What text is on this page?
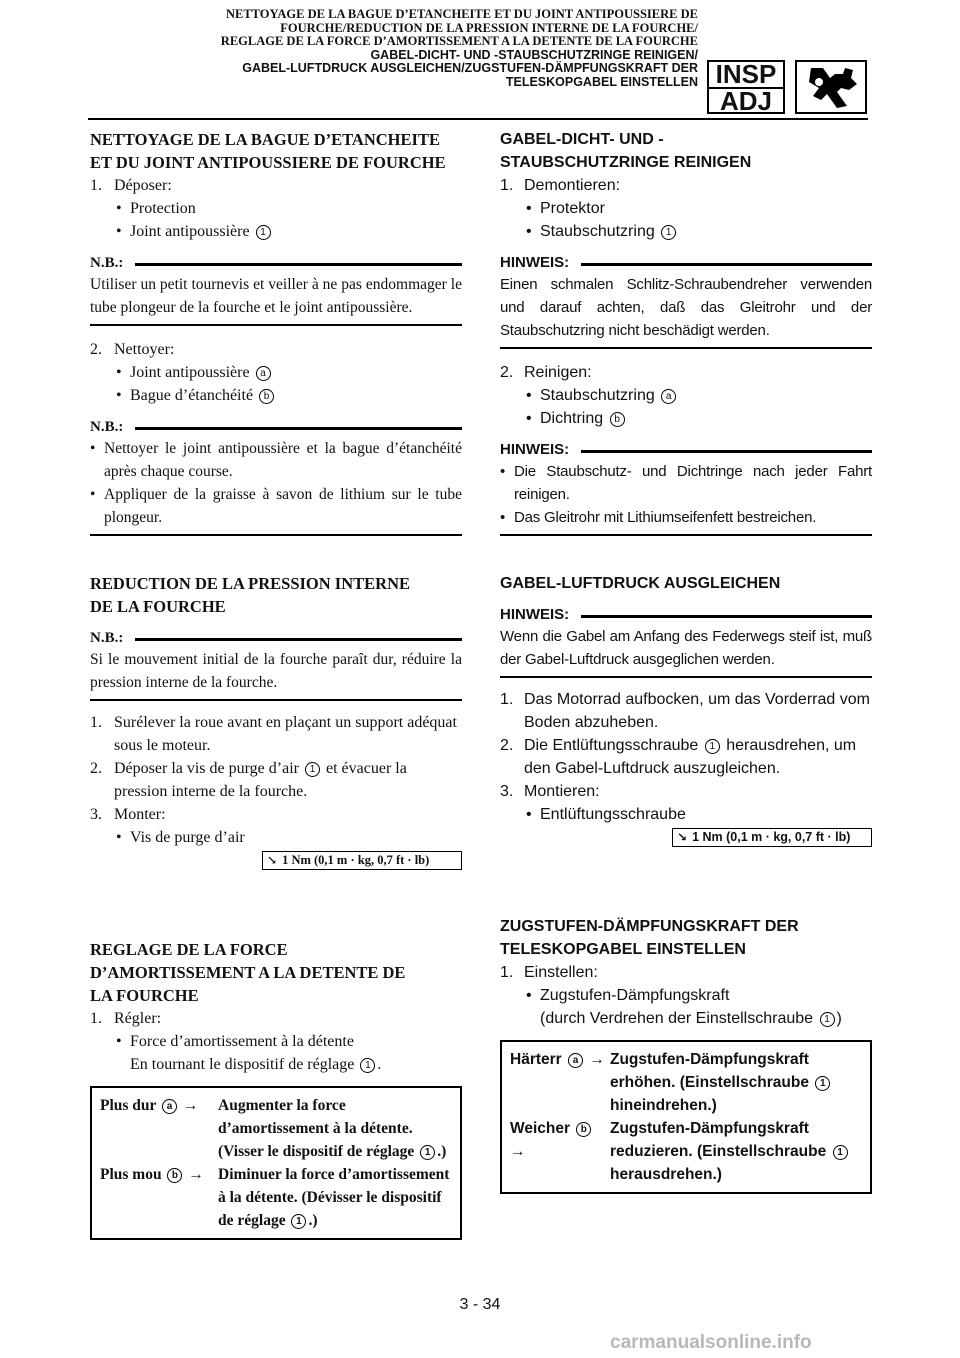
NETTOYAGE DE LA BAGUE D’ETANCHEITE ET DU JOINT ANTIPOUSSIERE DE
FOURCHE/REDUCTION DE LA PRESSION INTERNE DE LA FOURCHE/
REGLAGE DE LA FORCE D’AMORTISSEMENT A LA DETENTE DE LA FOURCHE
GABEL-DICHT- UND -STAUBSCHUTZRINGE REINIGEN/
GABEL-LUFTDRUCK AUSGLEICHEN/ZUGSTUFEN-DÄMPFUNGSKRAFT DER
TELESKOPGABEL EINSTELLEN INSP
ADJ

NETTOYAGE DE LA BAGUE D’ETANCHEITE

ET DU JOINT ANTIPOUSSIERE DE FOURCHE

1. Déposer:
• Protection
• Joint antipoussière 1
N.B.:
Utiliser un petit tournevis et veiller à ne pas endommager le tube plongeur de la fourche et le joint antipoussière.
2. Nettoyer:
• Joint antipoussière a
• Bague d’étanchéité b
N.B.:
• Nettoyer le joint antipoussière et la bague d’étanchéité après chaque course.
• Appliquer de la graisse à savon de lithium sur le tube plongeur.

REDUCTION DE LA PRESSION INTERNE

DE LA FOURCHE

N.B.:
Si le mouvement initial de la fourche paraît dur, réduire la pression interne de la fourche.
1. Surélever la roue avant en plaçant un support adéquat sous le moteur.
2. Déposer la vis de purge d’air 1 et évacuer la pression interne de la fourche.
3. Monter:
• Vis de purge d’air
↘ 1 Nm (0,1 m · kg, 0,7 ft · lb)

REGLAGE DE LA FORCE

D’AMORTISSEMENT A LA DETENTE DE

LA FOURCHE

1. Régler:
• Force d’amortissement à la détente
En tournant le dispositif de réglage 1 .
Plus dur a →	Augmenter la force d’amortissement à la détente. (Visser le dispositif de réglage 1 .)
Plus mou b → Diminuer la force d’amortissement à la détente. (Dévisser le dispositif de réglage 1 .)

GABEL-DICHT- UND -

STAUBSCHUTZRINGE REINIGEN

1. Demontieren:
• Protektor
• Staubschutzring 1
HINWEIS:
Einen schmalen Schlitz-Schraubendreher verwenden und darauf achten, daß das Gleitrohr und der Staubschutzring nicht beschädigt werden.
2. Reinigen:
• Staubschutzring a
• Dichtring b
HINWEIS:
• Die Staubschutz- und Dichtringe nach jeder Fahrt reinigen.
• Das Gleitrohr mit Lithiumseifenfett bestreichen.

GABEL-LUFTDRUCK AUSGLEICHEN

HINWEIS:
Wenn die Gabel am Anfang des Federwegs steif ist, muß der Gabel-Luftdruck ausgeglichen werden.
1. Das Motorrad aufbocken, um das Vorderrad vom Boden abzuheben.
2. Die Entlüftungsschraube 1 herausdrehen, um den Gabel-Luftdruck auszugleichen.
3. Montieren:
• Entlüftungsschraube
↘ 1 Nm (0,1 m · kg, 0,7 ft · lb)

ZUGSTUFEN-DÄMPFUNGSKRAFT DER

TELESKOPGABEL EINSTELLEN

1. Einstellen:
• Zugstufen-Dämpfungskraft
(durch Verdrehen der Einstellschraube 1 )
Härterr a → Zugstufen-Dämpfungskraft erhöhen. (Einstellschraube 1 hineindrehen.)
Weicher b →
Zugstufen-Dämpfungskraft reduzieren. (Einstellschraube 1 herausdrehen.)
3 - 34
carmanualsonline.info
